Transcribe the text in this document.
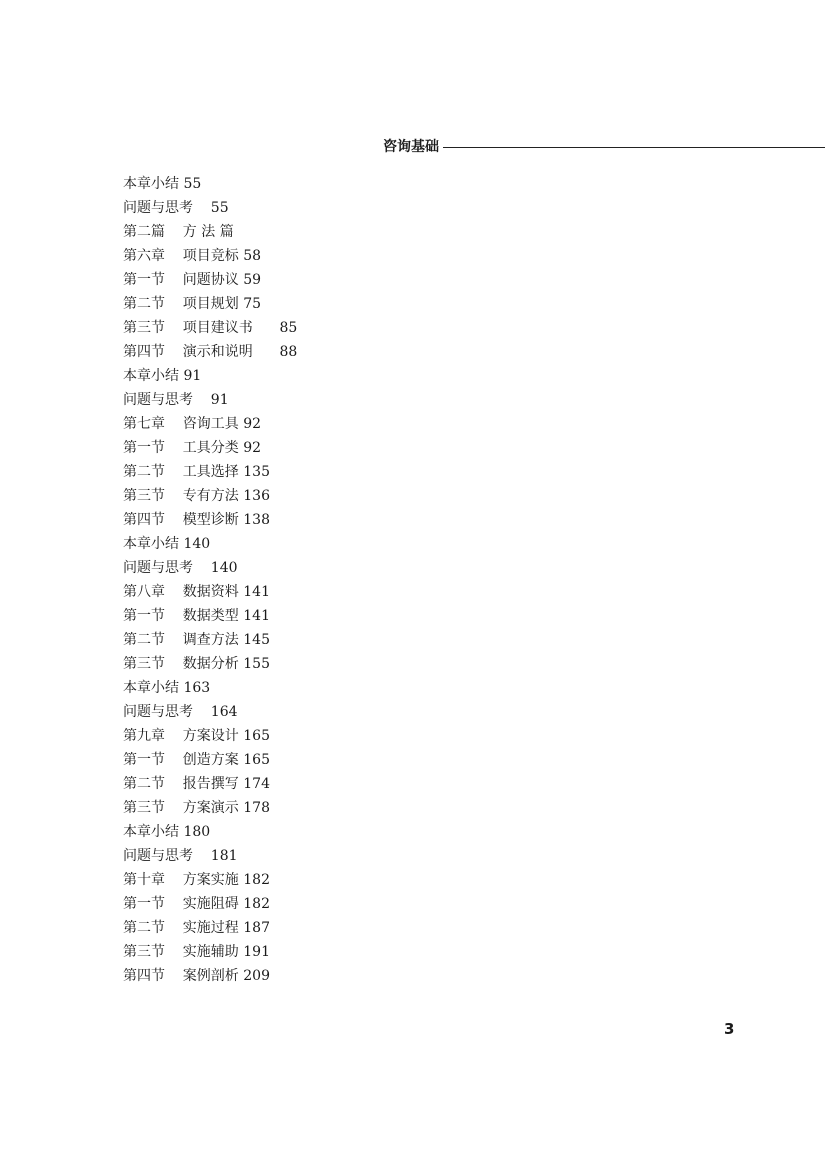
咨询基础
本章小结 55
问题与思考    55
第二篇    方 法 篇
第六章    项目竞标 58
第一节    问题协议 59
第二节    项目规划 75
第三节    项目建议书      85
第四节    演示和说明      88
本章小结 91
问题与思考    91
第七章    咨询工具 92
第一节    工具分类 92
第二节    工具选择 135
第三节    专有方法 136
第四节    模型诊断 138
本章小结 140
问题与思考    140
第八章    数据资料 141
第一节    数据类型 141
第二节    调查方法 145
第三节    数据分析 155
本章小结 163
问题与思考    164
第九章    方案设计 165
第一节    创造方案 165
第二节    报告撰写 174
第三节    方案演示 178
本章小结 180
问题与思考    181
第十章    方案实施 182
第一节    实施阻碍 182
第二节    实施过程 187
第三节    实施辅助 191
第四节    案例剖析 209
3
